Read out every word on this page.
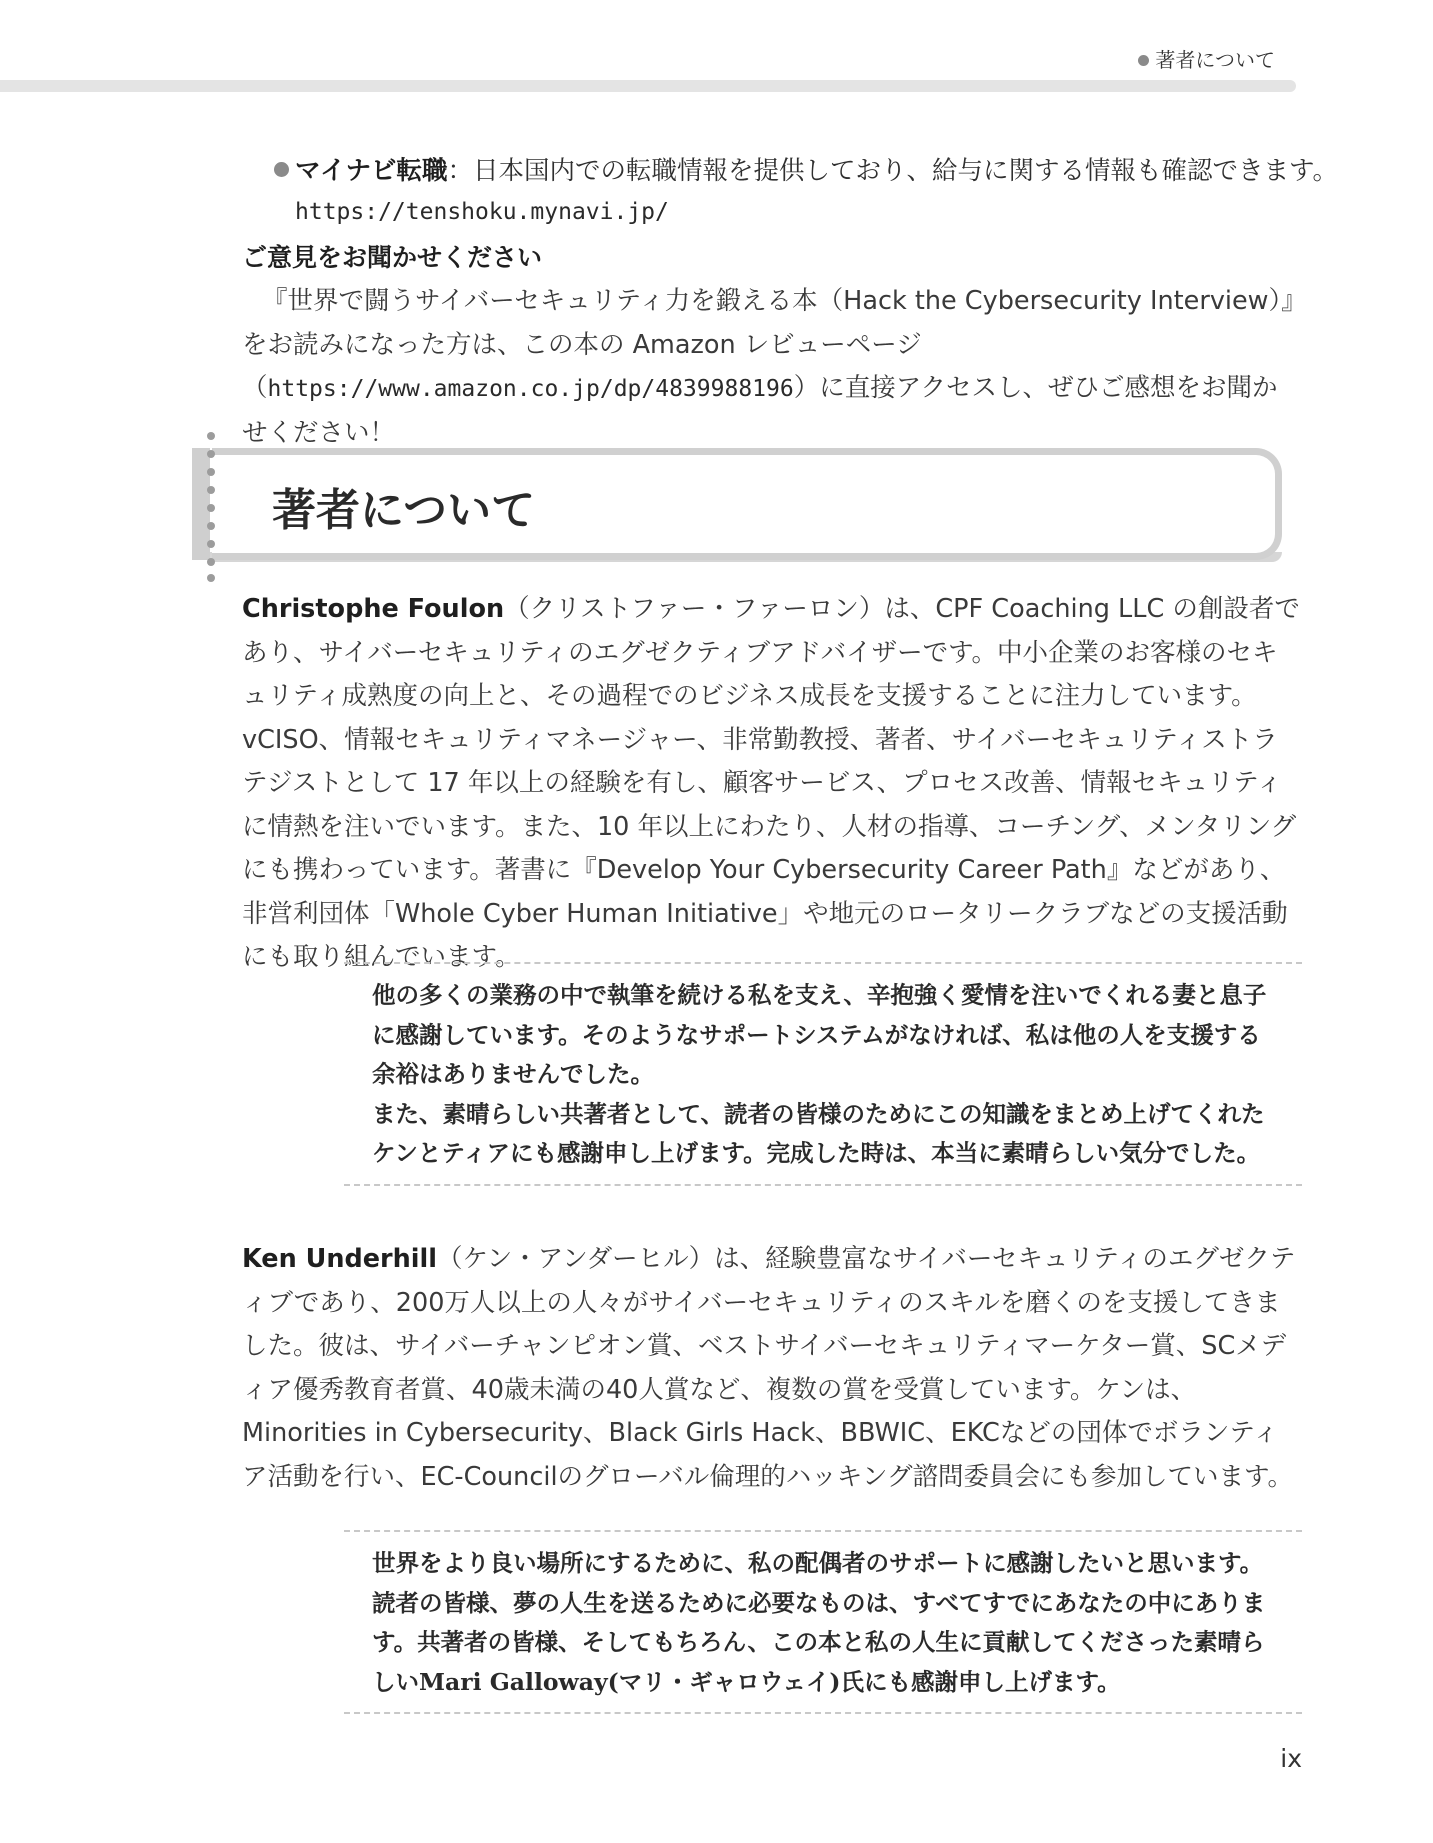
著者について
マイナビ転職：日本国内での転職情報を提供しており、給与に関する情報も確認できます。
https://tenshoku.mynavi.jp/
ご意見をお聞かせください
『世界で闘うサイバーセキュリティ力を鍛える本（Hack the Cybersecurity Interview）』をお読みになった方は、この本の Amazon レビューページ（https://www.amazon.co.jp/dp/4839988196）に直接アクセスし、ぜひご感想をお聞かせください！
著者について
Christophe Foulon（クリストファー・ファーロン）は、CPF Coaching LLC の創設者であり、サイバーセキュリティのエグゼクティブアドバイザーです。中小企業のお客様のセキュリティ成熟度の向上と、その過程でのビジネス成長を支援することに注力しています。vCISO、情報セキュリティマネージャー、非常勤教授、著者、サイバーセキュリティストラテジストとして 17 年以上の経験を有し、顧客サービス、プロセス改善、情報セキュリティに情熱を注いでいます。また、10 年以上にわたり、人材の指導、コーチング、メンタリングにも携わっています。著書に『Develop Your Cybersecurity Career Path』などがあり、非営利団体「Whole Cyber Human Initiative」や地元のロータリークラブなどの支援活動にも取り組んでいます。
他の多くの業務の中で執筆を続ける私を支え、辛抱強く愛情を注いでくれる妻と息子に感謝しています。そのようなサポートシステムがなければ、私は他の人を支援する余裕はありませんでした。
また、素晴らしい共著者として、読者の皆様のためにこの知識をまとめ上げてくれたケンとティアにも感謝申し上げます。完成した時は、本当に素晴らしい気分でした。
Ken Underhill（ケン・アンダーヒル）は、経験豊富なサイバーセキュリティのエグゼクティブであり、200万人以上の人々がサイバーセキュリティのスキルを磨くのを支援してきました。彼は、サイバーチャンピオン賞、ベストサイバーセキュリティマーケター賞、SCメディア優秀教育者賞、40歳未満の40人賞など、複数の賞を受賞しています。ケンは、Minorities in Cybersecurity、Black Girls Hack、BBWIC、EKCなどの団体でボランティア活動を行い、EC-Councilのグローバル倫理的ハッキング諮問委員会にも参加しています。
世界をより良い場所にするために、私の配偶者のサポートに感謝したいと思います。読者の皆様、夢の人生を送るために必要なものは、すべてすでにあなたの中にあります。共著者の皆様、そしてもちろん、この本と私の人生に貢献してくださった素晴らしいMari Galloway(マリ・ギャロウェイ)氏にも感謝申し上げます。
ix
